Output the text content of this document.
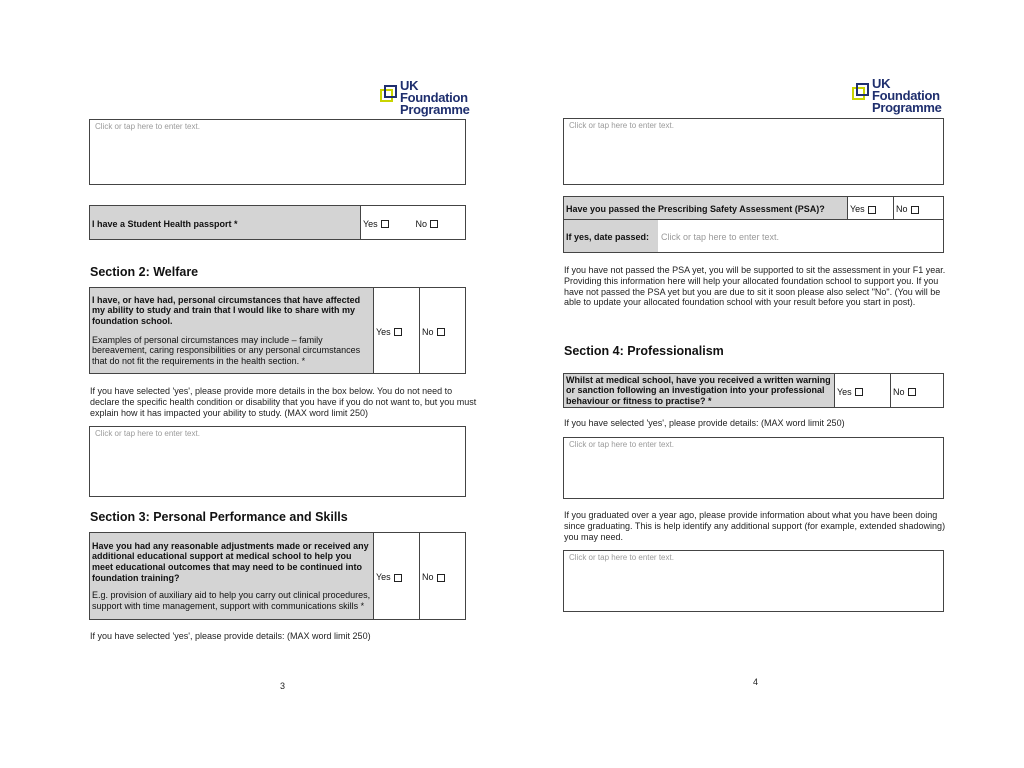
UK
Foundation
Programme
Click or tap here to enter text.
I have a Student Health passport *	Yes	No
Section 2: Welfare
I have, or have had, personal circumstances that have affected my ability to study and train that I would like to share with my foundation school.
Examples of personal circumstances may include – family bereavement, caring responsibilities or any personal circumstances that do not fit the requirements in the health section. *
	Yes	No
If you have selected 'yes', please provide more details in the box below. You do not need to declare the specific health condition or disability that you have if you do not want to, but you must explain how it has impacted your ability to study. (MAX word limit 250)
Click or tap here to enter text.
Section 3: Personal Performance and Skills
Have you had any reasonable adjustments made or received any additional educational support at medical school to help you meet educational outcomes that may need to be continued into foundation training?
E.g. provision of auxiliary aid to help you carry out clinical procedures, support with time management, support with communications skills *
	Yes	No
If you have selected 'yes', please provide details: (MAX word limit 250)
3
UK
Foundation
Programme
Click or tap here to enter text.
Have you passed the Prescribing Safety Assessment (PSA)?	Yes	No
If yes, date passed: Click or tap here to enter text.
If you have not passed the PSA yet, you will be supported to sit the assessment in your F1 year. Providing this information here will help your allocated foundation school to support you. If you have not passed the PSA yet but you are due to sit it soon please also select "No". (You will be able to update your allocated foundation school with your result before you start in post).
Section 4: Professionalism
Whilst at medical school, have you received a written warning or sanction following an investigation into your professional behaviour or fitness to practise? *
	Yes	No
If you have selected 'yes', please provide details: (MAX word limit 250)
Click or tap here to enter text.
If you graduated over a year ago, please provide information about what you have been doing since graduating. This is help identify any additional support (for example, extended shadowing) you may need.
Click or tap here to enter text.
4
